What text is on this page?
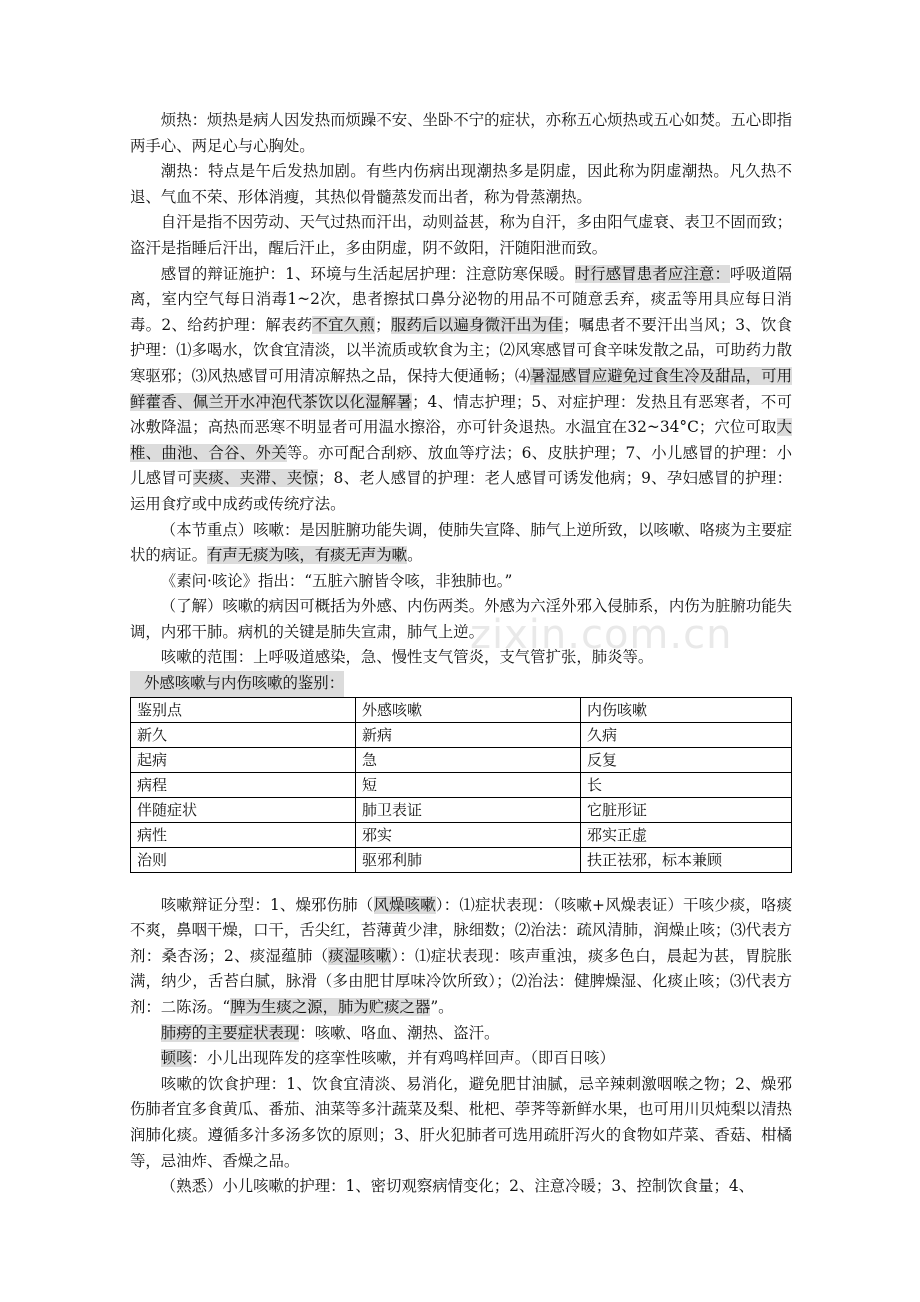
zixin.com.cn

烦热：烦热是病人因发热而烦躁不安、坐卧不宁的症状，亦称五心烦热或五心如焚。五心即指两手心、两足心与心胸处。

潮热：特点是午后发热加剧。有些内伤病出现潮热多是阴虚，因此称为阴虚潮热。凡久热不退、气血不荣、形体消瘦，其热似骨髓蒸发而出者，称为骨蒸潮热。

自汗是指不因劳动、天气过热而汗出，动则益甚，称为自汗，多由阳气虚衰、表卫不固而致；盗汗是指睡后汗出，醒后汗止，多由阴虚，阴不敛阳，汗随阳泄而致。

感冒的辩证施护：1、环境与生活起居护理：注意防寒保暖。时行感冒患者应注意：呼吸道隔离，室内空气每日消毒1~2次，患者擦拭口鼻分泌物的用品不可随意丢弃，痰盂等用具应每日消毒。2、给药护理：解表药不宜久煎；服药后以遍身微汗出为佳；嘱患者不要汗出当风；3、饮食护理：⑴多喝水，饮食宜清淡，以半流质或软食为主；⑵风寒感冒可食辛味发散之品，可助药力散寒驱邪；⑶风热感冒可用清凉解热之品，保持大便通畅；⑷暑湿感冒应避免过食生冷及甜品，可用鲜藿香、佩兰开水冲泡代茶饮以化湿解暑；4、情志护理；5、对症护理：发热且有恶寒者，不可冰敷降温；高热而恶寒不明显者可用温水擦浴，亦可针灸退热。水温宜在32~34°C；穴位可取大椎、曲池、合谷、外关等。亦可配合刮痧、放血等疗法；6、皮肤护理；7、小儿感冒的护理：小儿感冒可夹痰、夹滞、夹惊；8、老人感冒的护理：老人感冒可诱发他病；9、孕妇感冒的护理：运用食疗或中成药或传统疗法。

（本节重点）咳嗽：是因脏腑功能失调，使肺失宣降、肺气上逆所致，以咳嗽、咯痰为主要症状的病证。有声无痰为咳，有痰无声为嗽。

《素问·咳论》指出：“五脏六腑皆令咳，非独肺也。”

（了解）咳嗽的病因可概括为外感、内伤两类。外感为六淫外邪入侵肺系，内伤为脏腑功能失调，内邪干肺。病机的关键是肺失宣肃，肺气上逆。

咳嗽的范围：上呼吸道感染，急、慢性支气管炎，支气管扩张，肺炎等。

外感咳嗽与内伤咳嗽的鉴别：

鉴别点	外感咳嗽	内伤咳嗽
新久	新病	久病
起病	急	反复
病程	短	长
伴随症状	肺卫表证	它脏形证
病性	邪实	邪实正虚
治则	驱邪利肺	扶正祛邪，标本兼顾

咳嗽辩证分型：1、燥邪伤肺（风燥咳嗽）：⑴症状表现：（咳嗽+风燥表证）干咳少痰，咯痰不爽，鼻咽干燥，口干，舌尖红，苔薄黄少津，脉细数；⑵治法：疏风清肺，润燥止咳；⑶代表方剂：桑杏汤；2、痰湿蕴肺（痰湿咳嗽）：⑴症状表现：咳声重浊，痰多色白，晨起为甚，胃脘胀满，纳少，舌苔白腻，脉滑（多由肥甘厚味冷饮所致）；⑵治法：健脾燥湿、化痰止咳；⑶代表方剂：二陈汤。“脾为生痰之源，肺为贮痰之器”。

肺痨的主要症状表现：咳嗽、咯血、潮热、盗汗。

顿咳：小儿出现阵发的痉挛性咳嗽，并有鸡鸣样回声。（即百日咳）

咳嗽的饮食护理：1、饮食宜清淡、易消化，避免肥甘油腻，忌辛辣刺激咽喉之物；2、燥邪伤肺者宜多食黄瓜、番茄、油菜等多汁蔬菜及梨、枇杷、荸荠等新鲜水果，也可用川贝炖梨以清热润肺化痰。遵循多汁多汤多饮的原则；3、肝火犯肺者可选用疏肝泻火的食物如芹菜、香菇、柑橘等，忌油炸、香燥之品。

（熟悉）小儿咳嗽的护理：1、密切观察病情变化；2、注意冷暖；3、控制饮食量；4、
